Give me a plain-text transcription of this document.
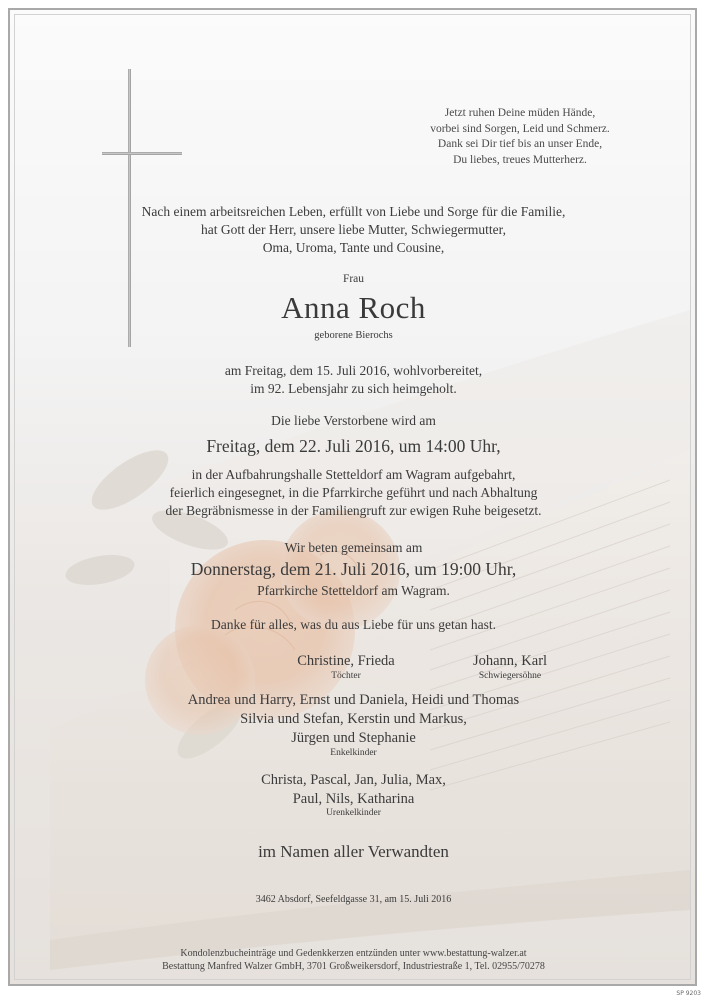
Jetzt ruhen Deine müden Hände,
vorbei sind Sorgen, Leid und Schmerz.
Dank sei Dir tief bis an unser Ende,
Du liebes, treues Mutterherz.
Nach einem arbeitsreichen Leben, erfüllt von Liebe und Sorge für die Familie,
hat Gott der Herr, unsere liebe Mutter, Schwiegermutter,
Oma, Uroma, Tante und Cousine,
Frau
Anna Roch
geborene Bierochs
am Freitag, dem 15. Juli 2016, wohlvorbereitet,
im 92. Lebensjahr zu sich heimgeholt.
Die liebe Verstorbene wird am
Freitag, dem 22. Juli 2016, um 14:00 Uhr,
in der Aufbahrungshalle Stetteldorf am Wagram aufgebahrt,
feierlich eingesegnet, in die Pfarrkirche geführt und nach Abhaltung
der Begräbnismesse in der Familiengruft zur ewigen Ruhe beigesetzt.
Wir beten gemeinsam am
Donnerstag, dem 21. Juli 2016, um 19:00 Uhr,
Pfarrkirche Stetteldorf am Wagram.
Danke für alles, was du aus Liebe für uns getan hast.
Christine, Frieda
Töchter
Johann, Karl
Schwiegersöhne
Andrea und Harry, Ernst und Daniela, Heidi und Thomas
Silvia und Stefan, Kerstin und Markus,
Jürgen und Stephanie
Enkelkinder
Christa, Pascal, Jan, Julia, Max,
Paul, Nils, Katharina
Urenkelkinder
im Namen aller Verwandten
3462 Absdorf, Seefeldgasse 31, am 15. Juli 2016
Kondolenzbucheinträge und Gedenkkerzen entzünden unter www.bestattung-walzer.at
Bestattung Manfred Walzer GmbH, 3701 Großweikersdorf, Industriestraße 1, Tel. 02955/70278
SP 9203
